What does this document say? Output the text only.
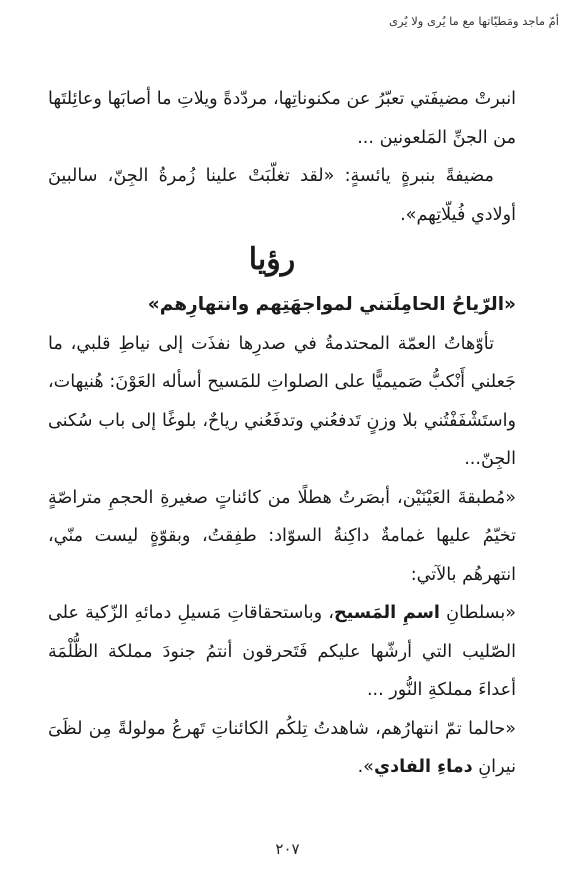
أمّ ماجد ومَطيّاتها مع ما يُرى ولا يُرى

انبرتْ مضيفَتي تعبّرُ عن مكنوناتِها، مردّدةً ويلاتِ ما أصابَها وعائِلتَها من الجنِّ المَلعونين ...

مضيفةً بنبرةٍ يائسةٍ: «لقد تغلّبَتْ علينا زُمرةُ الجِنّ، سالبينَ أولادي فُيلّاتِهم».

رؤيا

«الرّياحُ الحامِلَتني لمواجهَتِهم وانتهارِهم»

تأوّهاتُ العمّة المحتدمةُ في صدرِها نفذَت إلى نياطِ قلبي، ما جَعلني أَنْكبُّ صَميميًّا على الصلواتِ للمَسيح أسأله العَوْنَ: هُنيهات، واستَشْفَفْتُني بلا وزنٍ تَدفعُني وتدفَعُني رياحٌ، بلوغًا إلى باب سُكنى الجِنّ...

«مُطبقةَ العَيْنَيْن، أبصَرتُ هطلًا من كائناتٍ صغيرةِ الحجمِ متراصّةٍ تخيّمُ عليها غمامةٌ داكِنةُ السوّاد: طفِقتُ، وبقوّةٍ ليست منّي، انتهرهُم بالآتي:

«بسلطانِ اسمِ المَسيح، وباستحقاقاتِ مَسيلِ دمائهِ الزّكية على الصّليب التي أرشّها عليكم فَتَحرقون أنتمُ جنودَ مملكة الظُّلْمَة أعداءَ مملكةِ النُّور ...

«حالما تمّ انتهارُهم، شاهدتُ تِلكُم الكائناتِ تَهرعُ مولولةً مِن لظَىَ نيرانِ دماءِ الفادي».

٢٠٧
